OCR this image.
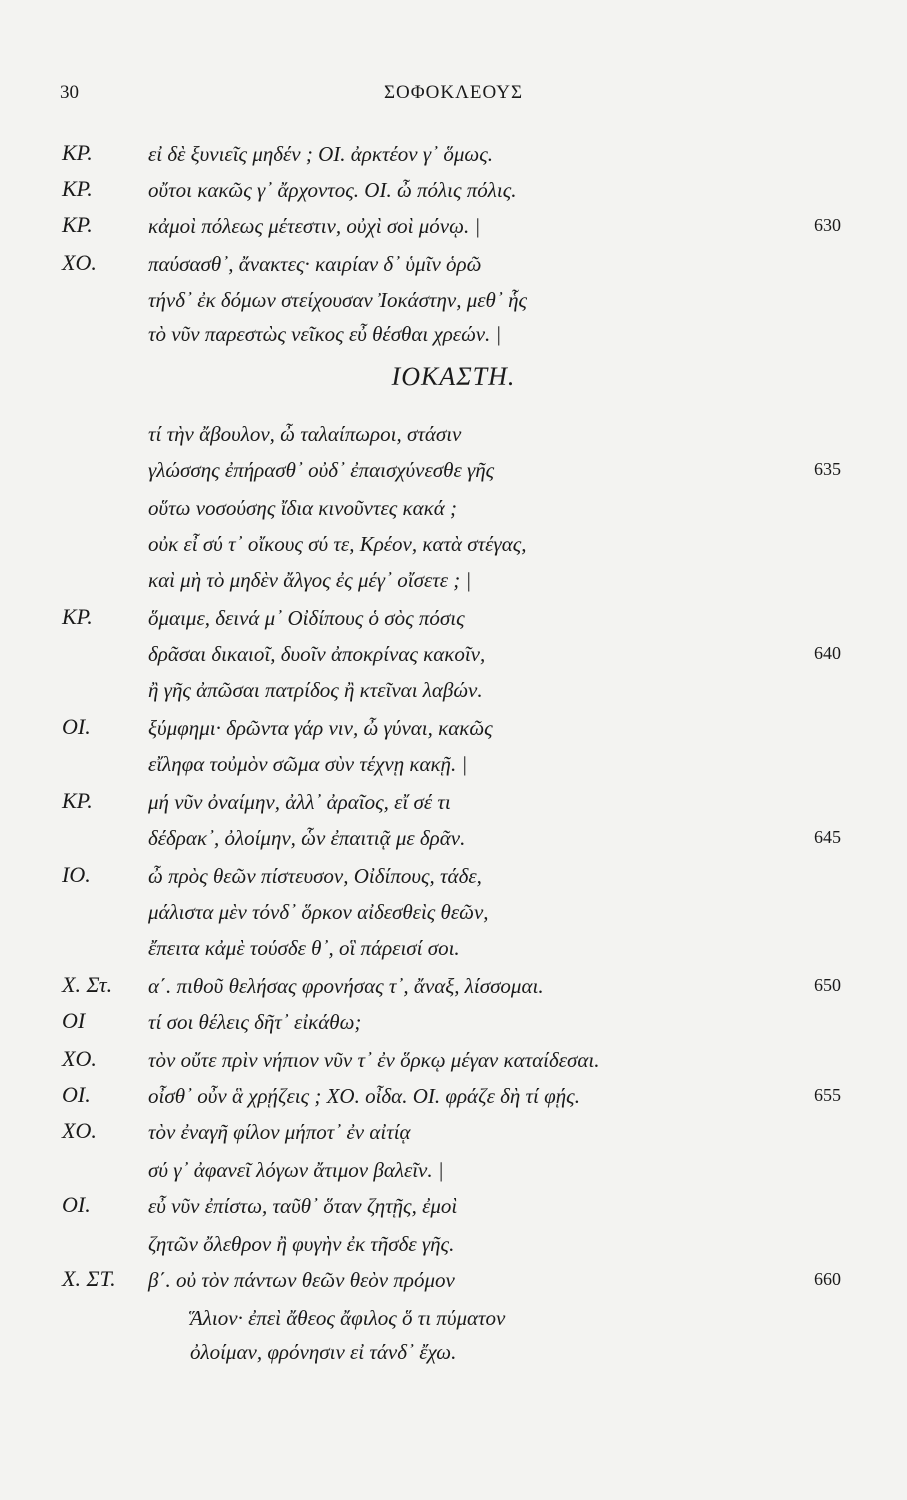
30	ΣΟΦΟΚΛΕΟΥΣ
ΙΟΚΑΣΤΗ.
ΚΡ.	εἰ δὲ ξυνιεῖς μηδέν ; ΟΙ. ἀρκτέον γ᾽ ὅμως.
ΚΡ.	οὔτοι κακῶς γ᾽ ἄρχοντος. ΟΙ. ὦ πόλις πόλις.
ΚΡ.	κἀμοὶ πόλεως μέτεστιν, οὐχὶ σοὶ μόνῳ. |	630
ΧΟ. παύσασθ᾽, ἄνακτες· καιρίαν δ᾽ ὑμῖν ὁρῶ
τήνδ᾽ ἐκ δόμων στείχουσαν Ἰοκάστην, μεθ᾽ ἧς
τὸ νῦν παρεστὼς νεῖκος εὖ θέσθαι χρεών. |
τί τὴν ἄβουλον, ὦ ταλαίπωροι, στάσιν
γλώσσης ἐπήρασθ᾽ οὐδ᾽ ἐπαισχύνεσθε γῆς	635
οὕτω νοσούσης ἴδια κινοῦντες κακά ;
οὐκ εἶ σύ τ᾽ οἴκους σύ τε, Κρέον, κατὰ στέγας,
καὶ μὴ τὸ μηδὲν ἄλγος ἐς μέγ᾽ οἴσετε ; |
ΚΡ.	ὅμαιμε, δεινά μ᾽ Οἰδίπους ὁ σὸς πόσις
δρᾶσαι δικαιοῖ, δυοῖν ἀποκρίνας κακοῖν,	640
ἢ γῆς ἀπῶσαι πατρίδος ἢ κτεῖναι λαβών.
ΟΙ.	ξύμφημι· δρῶντα γάρ νιν, ὦ γύναι, κακῶς
εἴληφα τοὐμὸν σῶμα σὺν τέχνῃ κακῇ. |
ΚΡ.	μή νῦν ὀναίμην, ἀλλ᾽ ἀραῖος, εἴ σέ τι
δέδρακ᾽, ὀλοίμην, ὧν ἐπαιτιᾷ με δρᾶν.	645
ΙΟ.	ὦ πρὸς θεῶν πίστευσον, Οἰδίπους, τάδε,
μάλιστα μὲν τόνδ᾽ ὅρκον αἰδεσθεὶς θεῶν,
ἔπειτα κἀμὲ τούσδε θ᾽, οἳ πάρεισί σοι.
Χ. Στ. α΄. πιθοῦ θελήσας φρονήσας τ᾽, ἄναξ, λίσσομαι.	650
ΟΙ	τί σοι θέλεις δῆτ᾽ εἰκάθω;
ΧΟ. τὸν οὔτε πρὶν νήπιον νῦν τ᾽ ἐν ὅρκῳ μέγαν καταίδεσαι.
ΟΙ.	οἶσθ᾽ οὖν ἃ χρῄζεις ; ΧΟ. οἶδα. ΟΙ. φράζε δὴ τί φῄς.	655
ΧΟ. τὸν ἐναγῆ φίλον μήποτ᾽ ἐν αἰτίᾳ
σύ γ᾽ ἀφανεῖ λόγων ἄτιμον βαλεῖν. |
ΟΙ.	εὖ νῦν ἐπίστω, ταῦθ᾽ ὅταν ζητῇς, ἐμοὶ
ζητῶν ὄλεθρον ἢ φυγὴν ἐκ τῆσδε γῆς.
Χ. ΣΤ. β΄. οὐ τὸν πάντων θεῶν θεὸν πρόμον	660
Ἅλιον· ἐπεὶ ἄθεος ἄφιλος ὅ τι πύματον
ὀλοίμαν, φρόνησιν εἰ τάνδ᾽ ἔχω.
